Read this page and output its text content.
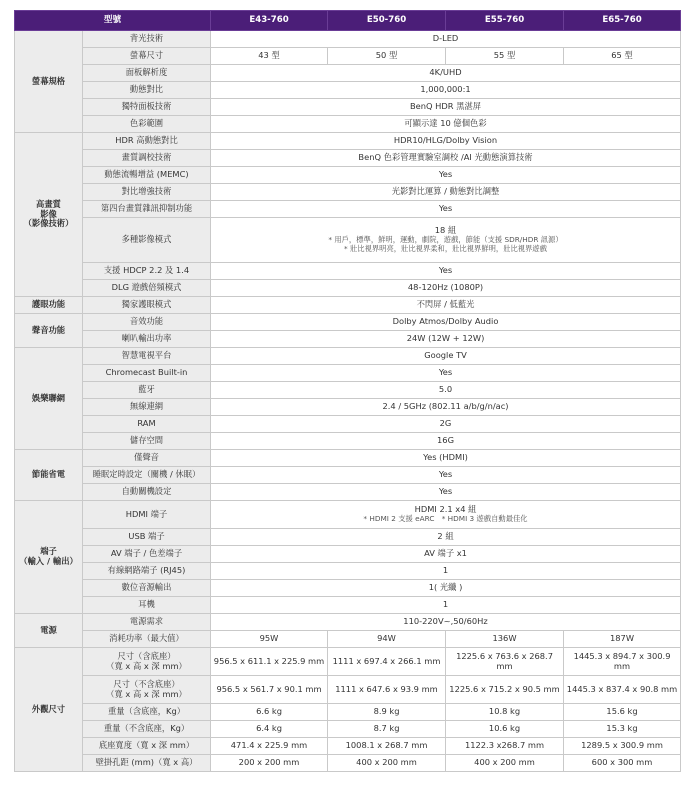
型號		E43-760	E50-760	E55-760	E65-760
螢幕規格	背光技術	D-LED			
	螢幕尺寸	43 型	50 型	55 型	65 型
	面板解析度	4K/UHD			
	動態對比	1,000,000:1			
	獨特面板技術	BenQ HDR 黑湛屏			
	色彩範圍	可顯示達 10 億個色彩			
高畫質
影像
（影像技術）	HDR 高動態對比	HDR10/HLG/Dolby Vision			
	畫質調校技術	BenQ 色彩管理實驗室調校 /AI 光動態演算技術			
	動態流暢增益 (MEMC)	Yes			
	對比增強技術	光影對比運算 / 動態對比調整			
	第四台畫質雜訊抑制功能	Yes			
	多種影像模式	18 組
* 用戶，標準，鮮明，運動，劇院，遊戲，節能（支援 SDR/HDR 訊源）
* 壯比視界明亮，壯比視界柔和，壯比視界鮮明，壯比視界遊戲			

	支援 HDCP 2.2 及 1.4	Yes			
	DLG 遊戲倍頻模式	48-120Hz (1080P)			
護眼功能	獨家護眼模式	不閃屏 / 低藍光			
聲音功能	音效功能	Dolby Atmos/Dolby Audio			
	喇叭輸出功率	24W (12W + 12W)			
娛樂聯網	智慧電視平台	Google TV			
	Chromecast Built-in	Yes			
	藍牙	5.0			
	無線連網	2.4 / 5GHz (802.11 a/b/g/n/ac)			
	RAM	2G			
	儲存空間	16G			
節能省電	僅聲音	Yes (HDMI)			
	睡眠定時設定（關機 / 休眠）	Yes			
	自動關機設定	Yes			
端子
（輸入 / 輸出）	HDMI 端子	HDMI 2.1 x4 組
* HDMI 2 支援 eARC　* HDMI 3 遊戲自動最佳化			

	USB 端子	2 組			
	AV 端子 / 色差端子	AV 端子 x1			
	有線網路端子 (RJ45)	1			
	數位音源輸出	1( 光纖 )			
	耳機	1			
電源	電源需求	110-220V~,50/60Hz			
	消耗功率（最大值）	95W	94W	136W	187W
外觀尺寸	尺寸（含底座）
（寬 x 高 x 深 mm）	956.5 x 611.1 x 225.9 mm	1111 x 697.4 x 266.1 mm	1225.6 x 763.6 x 268.7 mm	1445.3 x 894.7 x 300.9 mm
	尺寸（不含底座）
（寬 x 高 x 深 mm）	956.5 x 561.7 x 90.1 mm	1111 x 647.6 x 93.9 mm	1225.6 x 715.2 x 90.5 mm	1445.3 x 837.4 x 90.8 mm
	重量（含底座，Kg）	6.6 kg	8.9 kg	10.8 kg	15.6 kg
	重量（不含底座，Kg）	6.4 kg	8.7 kg	10.6 kg	15.3 kg
	底座寬度（寬 x 深 mm）	471.4 x 225.9 mm	1008.1 x 268.7 mm	1122.3 x268.7 mm	1289.5 x 300.9 mm
	壁掛孔距 (mm)（寬 x 高）	200 x 200 mm	400 x 200 mm	400 x 200 mm	600 x 300 mm
